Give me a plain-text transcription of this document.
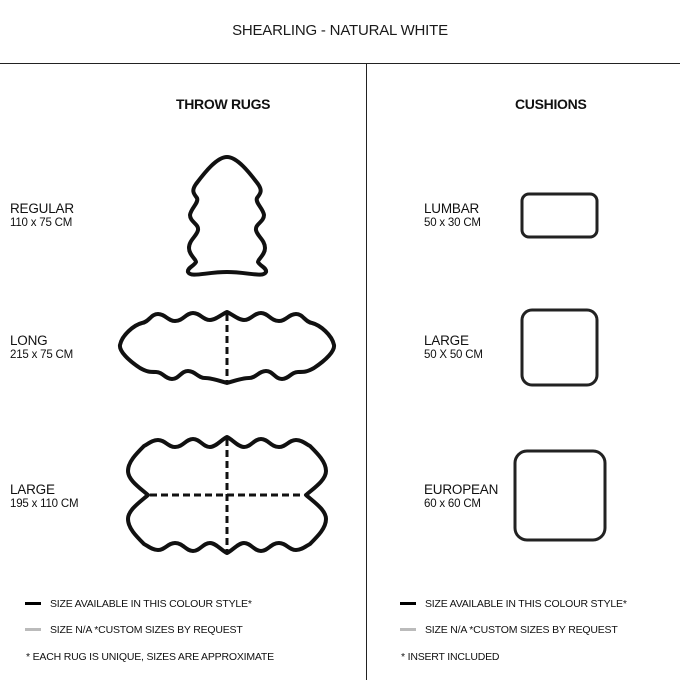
SHEARLING - NATURAL WHITE
THROW RUGS
REGULAR
110 x 75 CM
LONG
215 x 75 CM
LARGE
195 x 110 CM
SIZE AVAILABLE IN THIS COLOUR STYLE*
SIZE N/A *CUSTOM SIZES BY REQUEST
* EACH RUG IS UNIQUE, SIZES ARE APPROXIMATE
CUSHIONS
LUMBAR
50 x 30 CM
LARGE
50 X 50 CM
EUROPEAN
60 x 60 CM
SIZE AVAILABLE IN THIS COLOUR STYLE*
SIZE N/A *CUSTOM SIZES BY REQUEST
* INSERT INCLUDED
